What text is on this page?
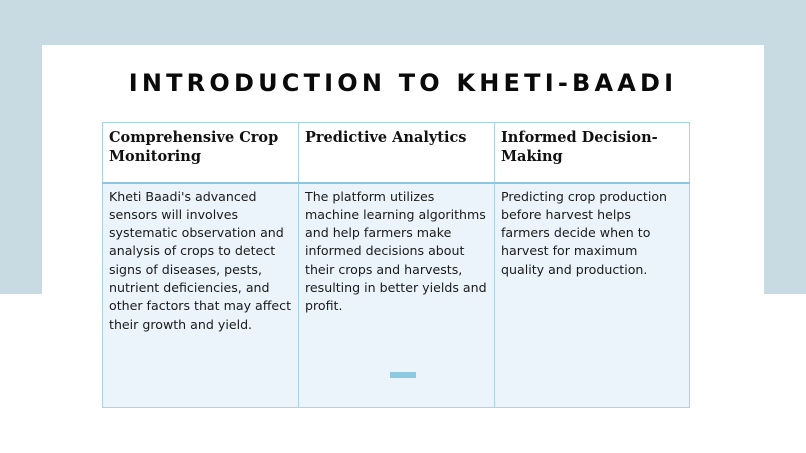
INTRODUCTION TO KHETI-BAADI
Comprehensive Crop Monitoring	Predictive Analytics	Informed Decision-Making
Kheti Baadi's advanced sensors will involves systematic observation and analysis of crops to detect signs of diseases, pests, nutrient deficiencies, and other factors that may affect their growth and yield.	The platform utilizes machine learning algorithms and help farmers make informed decisions about their crops and harvests, resulting in better yields and profit.	Predicting crop production before harvest helps farmers decide when to harvest for maximum quality and production.
